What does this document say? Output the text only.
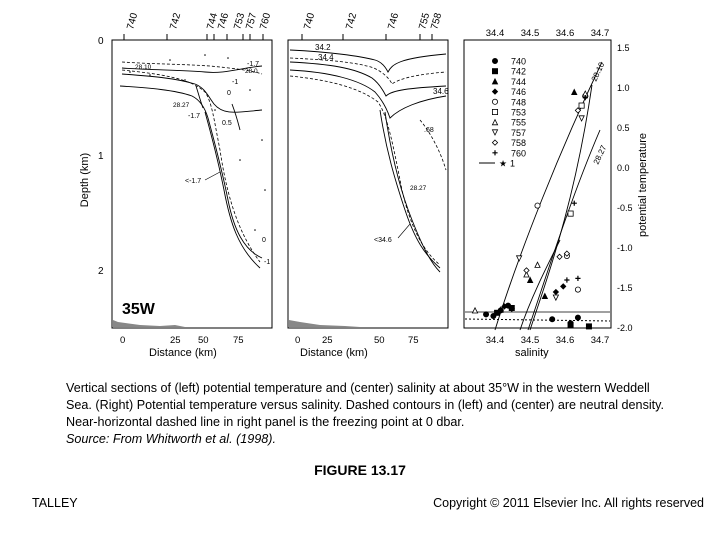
740	742 744
746 753
757 760
28.10	-1.7
28.0
-1
0
28.27
-1.7
0.5
<-1.7
0
-1
35W
740	742	746 755
758
34.2
34.4
34.6
.68
28.27
<34.6
Depth (km)
0
1
2
0	25 50	75
Distance (km)
0 25	50 75
Distance (km)
34.4 34.5 34.6 34.7
34.4 34.5 34.6 34.7
salinity
1.5
1.0
0.5
0.0
-0.5
-1.0
-1.5
-2.0
potential temperature
28.10
28.27
740
742
744
746
748
753
755
757
758
760
★ 1
Vertical sections of (left) potential temperature and (center) salinity at about 35°W in the western Weddell Sea. (Right) Potential temperature versus salinity. Dashed contours in (left) and (center) are neutral density. Near-horizontal dashed line in right panel is the freezing point at 0 dbar.
Source: From Whitworth et al. (1998).
FIGURE 13.17
TALLEY	Copyright © 2011 Elsevier Inc. All rights reserved
